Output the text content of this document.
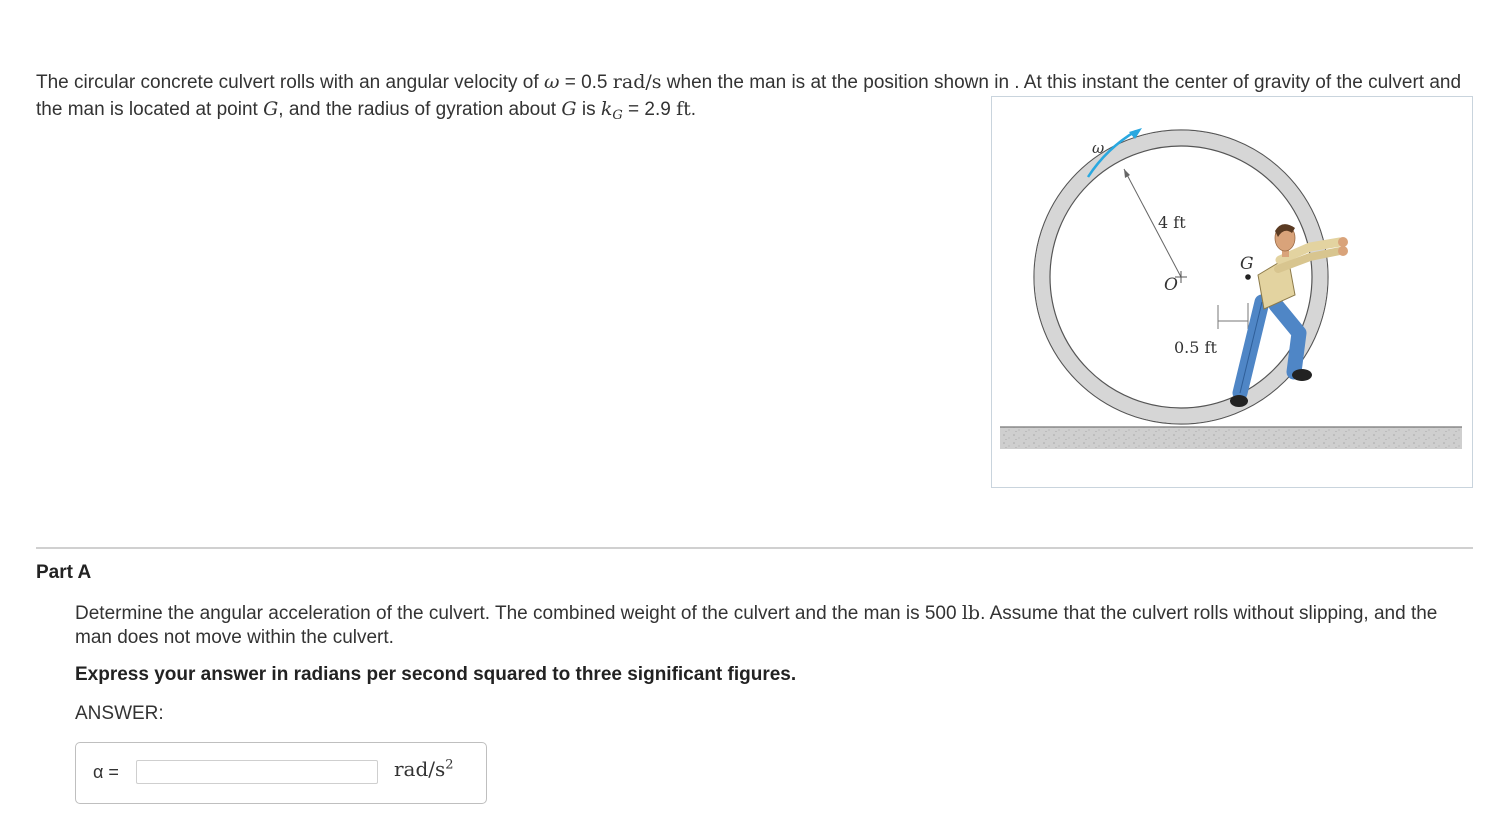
The circular concrete culvert rolls with an angular velocity of ω = 0.5 rad/s when the man is at the position shown in . At this instant the center of gravity of the culvert and the man is located at point G, and the radius of gyration about G is $k_G = 2.9$ ft.
ω
4 ft
O
G
0.5 ft
Part A
Determine the angular acceleration of the culvert. The combined weight of the culvert and the man is 500 lb. Assume that the culvert rolls without slipping, and the man does not move within the culvert.
Express your answer in radians per second squared to three significant figures.
ANSWER:
α =	rad/$s^2$
